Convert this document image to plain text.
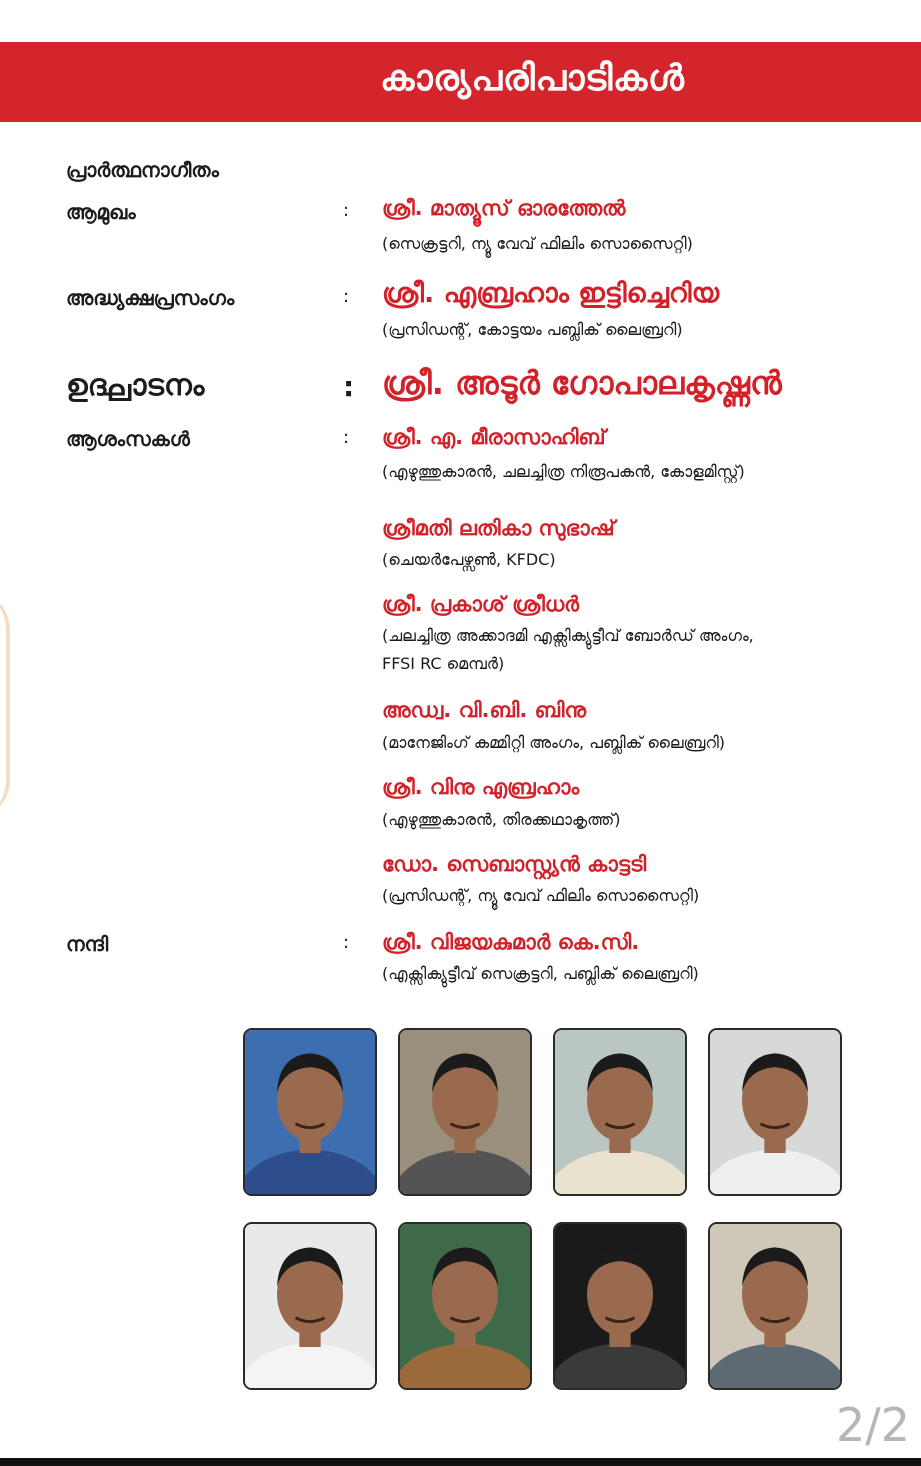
കാര്യപരിപാടികൾ
പ്രാർത്ഥനാഗീതം
ആമുഖം	: ശ്രീ. മാത്യൂസ് ഓരത്തേൽ
(സെക്രട്ടറി, ന്യൂ വേവ് ഫിലിം സൊസൈറ്റി)
അദ്ധ്യക്ഷപ്രസംഗം	: ശ്രീ. എബ്രഹാം ഇട്ടിച്ചെറിയ
(പ്രസിഡന്റ്, കോട്ടയം പബ്ലിക് ലൈബ്രറി)
ഉദ്ഘാടനം	: ശ്രീ. അടൂർ ഗോപാലകൃഷ്ണൻ
ആശംസകൾ	: ശ്രീ. എ. മീരാസാഹിബ്
(എഴുത്തുകാരൻ, ചലച്ചിത്ര നിരൂപകൻ, കോളമിസ്റ്റ്)
ശ്രീമതി ലതികാ സുഭാഷ്
(ചെയർപേഴ്സൺ, KFDC)
ശ്രീ. പ്രകാശ് ശ്രീധർ
(ചലച്ചിത്ര അക്കാദമി എക്സിക്യുട്ടീവ് ബോർഡ് അംഗം,
FFSI RC മെമ്പർ)
അഡ്വ. വി.ബി. ബിനു
(മാനേജിംഗ് കമ്മിറ്റി അംഗം, പബ്ലിക് ലൈബ്രറി)
ശ്രീ. വിനു എബ്രഹാം
(എഴുത്തുകാരൻ, തിരക്കഥാകൃത്ത്)
ഡോ. സെബാസ്റ്റ്യൻ കാട്ടടി
(പ്രസിഡന്റ്, ന്യൂ വേവ് ഫിലിം സൊസൈറ്റി)
നന്ദി	: ശ്രീ. വിജയകുമാർ കെ.സി.
(എക്സിക്യുട്ടീവ് സെക്രട്ടറി, പബ്ലിക് ലൈബ്രറി)
2/2
